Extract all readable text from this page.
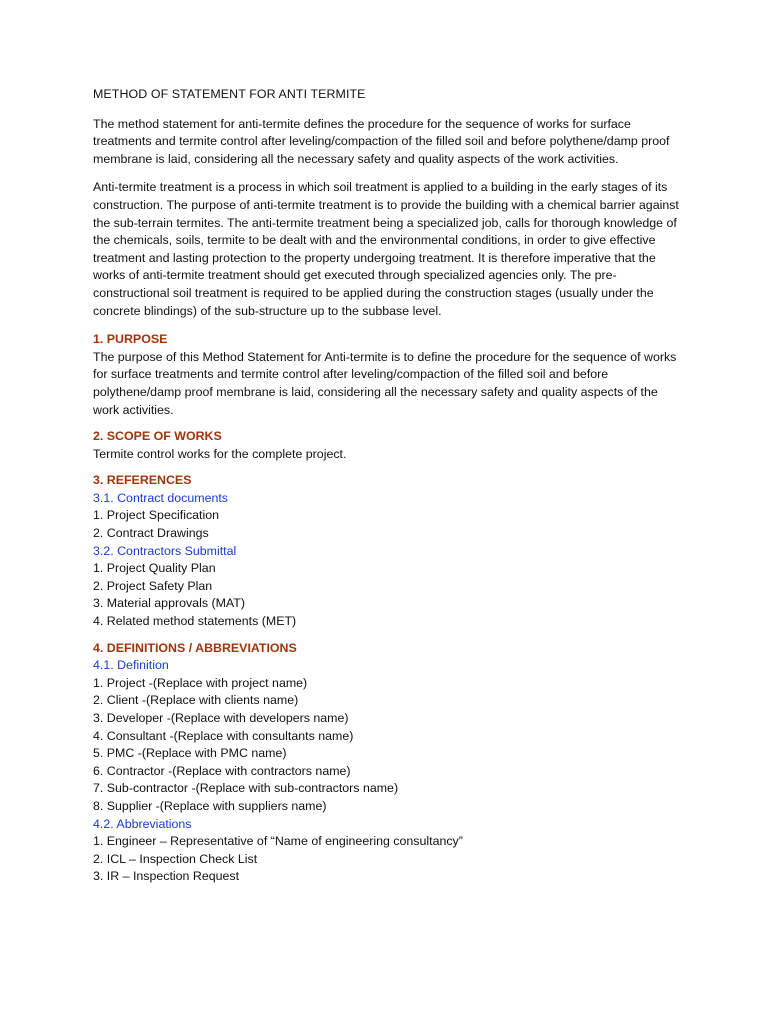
METHOD OF STATEMENT FOR ANTI TERMITE

The method statement for anti-termite defines the procedure for the sequence of works for surface treatments and termite control after leveling/compaction of the filled soil and before polythene/damp proof membrane is laid, considering all the necessary safety and quality aspects of the work activities.

Anti-termite treatment is a process in which soil treatment is applied to a building in the early stages of its construction. The purpose of anti-termite treatment is to provide the building with a chemical barrier against the sub-terrain termites. The anti-termite treatment being a specialized job, calls for thorough knowledge of the chemicals, soils, termite to be dealt with and the environmental conditions, in order to give effective treatment and lasting protection to the property undergoing treatment. It is therefore imperative that the works of anti-termite treatment should get executed through specialized agencies only. The pre-constructional soil treatment is required to be applied during the construction stages (usually under the concrete blindings) of the sub-structure up to the subbase level.

1. PURPOSE

The purpose of this Method Statement for Anti-termite is to define the procedure for the sequence of works for surface treatments and termite control after leveling/compaction of the filled soil and before polythene/damp proof membrane is laid, considering all the necessary safety and quality aspects of the work activities.

2. SCOPE OF WORKS

Termite control works for the complete project.

3. REFERENCES
3.1. Contract documents
1. Project Specification
2. Contract Drawings
3.2. Contractors Submittal
1. Project Quality Plan
2. Project Safety Plan
3. Material approvals (MAT)
4. Related method statements (MET)
4. DEFINITIONS / ABBREVIATIONS
4.1. Definition
1. Project -(Replace with project name)
2. Client -(Replace with clients name)
3. Developer -(Replace with developers name)
4. Consultant -(Replace with consultants name)
5. PMC -(Replace with PMC name)
6. Contractor -(Replace with contractors name)
7. Sub-contractor -(Replace with sub-contractors name)
8. Supplier -(Replace with suppliers name)
4.2. Abbreviations
1. Engineer – Representative of “Name of engineering consultancy”
2. ICL – Inspection Check List
3. IR – Inspection Request
